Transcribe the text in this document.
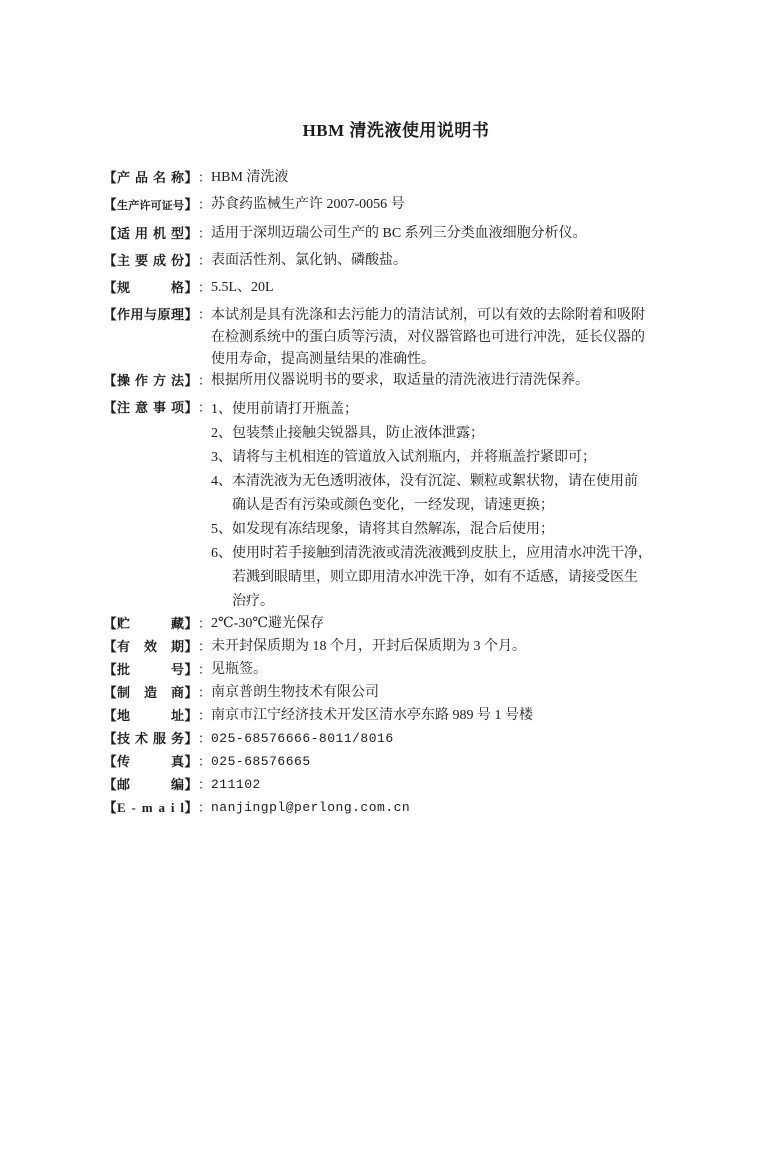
HBM 清洗液使用说明书
【 产 品 名 称 】 ： HBM 清洗液
【 生 产 许 可 证 号 】 ： 苏食药监械生产许 2007-0056 号
【 适 用 机 型 】 ： 适用于深圳迈瑞公司生产的 BC 系列三分类血液细胞分析仪。
【 主 要 成 份 】 ： 表面活性剂、氯化钠、磷酸盐。
【 规	格 】 ： 5.5L、20L
【 作 用 与 原 理 】 ： 本试剂是具有洗涤和去污能力的清洁试剂，可以有效的去除附着和吸附
在检测系统中的蛋白质等污渍，对仪器管路也可进行冲洗，延长仪器的
使用寿命，提高测量结果的准确性。
【 操 作 方 法 】 ： 根据所用仪器说明书的要求，取适量的清洗液进行清洗保养。
【 注 意 事 项 】 ： 1、使用前请打开瓶盖；
2、包装禁止接触尖锐器具，防止液体泄露；
3、请将与主机相连的管道放入试剂瓶内，并将瓶盖拧紧即可；
4、本清洗液为无色透明液体，没有沉淀、颗粒或絮状物，请在使用前
确认是否有污染或颜色变化，一经发现，请速更换；
5、如发现有冻结现象，请将其自然解冻，混合后使用；
6、使用时若手接触到清洗液或清洗液溅到皮肤上，应用清水冲洗干净，
若溅到眼睛里，则立即用清水冲洗干净，如有不适感，请接受医生
治疗。
【 贮	藏 】 ： 2℃-30℃避光保存
【 有 效 期 】 ： 未开封保质期为 18 个月，开封后保质期为 3 个月。
【 批	号 】 ： 见瓶签。
【 制 造 商 】 ： 南京普朗生物技术有限公司
【 地	址 】 ： 南京市江宁经济技术开发区清水亭东路 989 号 1 号楼
【 技 术 服 务 】 ： 025-68576666-8011/8016
【 传	真 】 ： 025-68576665
【 邮	编 】 ： 211102
【 E - m a i l 】 ： nanjingpl@perlong.com.cn
